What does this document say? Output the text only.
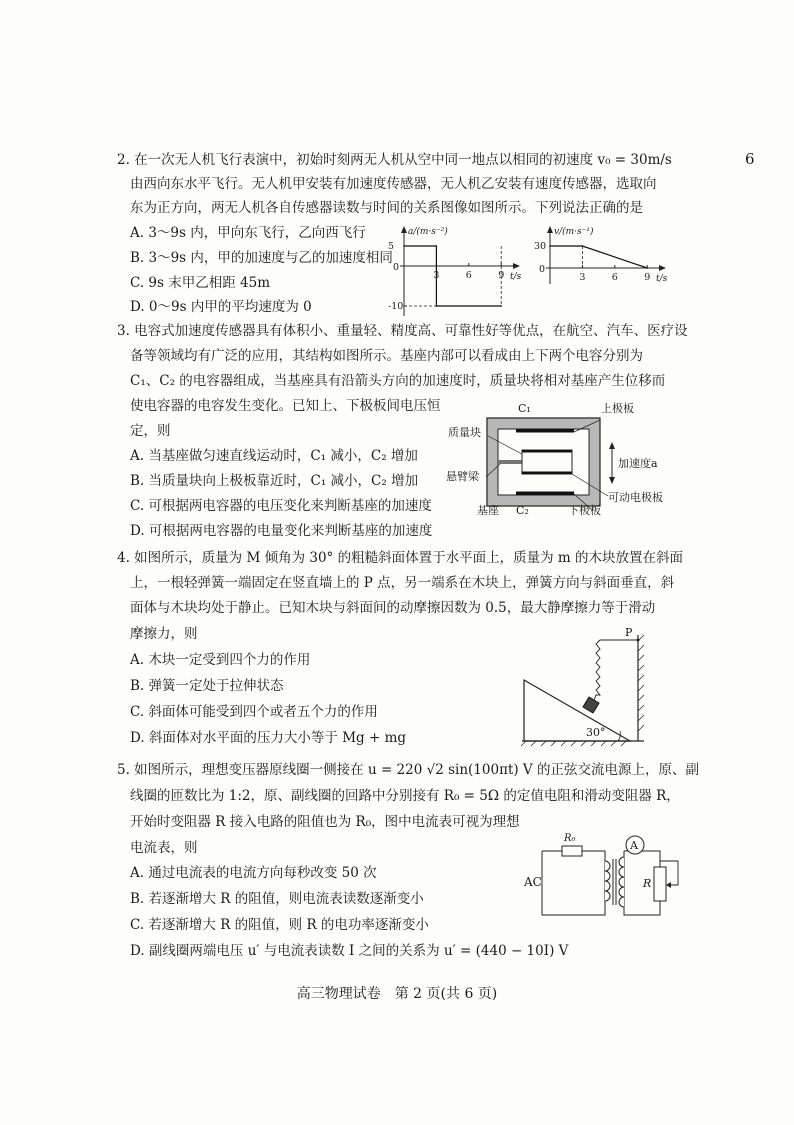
6
2. 在一次无人机飞行表演中，初始时刻两无人机从空中同一地点以相同的初速度 v₀ = 30m/s
由西向东水平飞行。无人机甲安装有加速度传感器，无人机乙安装有速度传感器，选取向
东为正方向，两无人机各自传感器读数与时间的关系图像如图所示。下列说法正确的是
A. 3～9s 内，甲向东飞行，乙向西飞行
B. 3～9s 内，甲的加速度与乙的加速度相同
C. 9s 末甲乙相距 45m
D. 0～9s 内甲的平均速度为 0
3	6	9
5
-10
0
a/(m·s⁻²)
t/s	3	6	9
30
0
v/(m·s⁻¹)
t/s
3. 电容式加速度传感器具有体积小、重量轻、精度高、可靠性好等优点，在航空、汽车、医疗设
备等领域均有广泛的应用，其结构如图所示。基座内部可以看成由上下两个电容分别为
C₁、C₂ 的电容器组成，当基座具有沿箭头方向的加速度时，质量块将相对基座产生位移而
使电容器的电容发生变化。已知上、下极板间电压恒
定，则
A. 当基座做匀速直线运动时，C₁ 减小，C₂ 增加
B. 当质量块向上极板靠近时，C₁ 减小，C₂ 增加
C. 可根据两电容器的电压变化来判断基座的加速度
D. 可根据两电容器的电量变化来判断基座的加速度
C₁	上极板
质量块
加速度a
悬臂梁
可动电极板
基座 C₂	下极板
4. 如图所示，质量为 M 倾角为 30° 的粗糙斜面体置于水平面上，质量为 m 的木块放置在斜面
上，一根轻弹簧一端固定在竖直墙上的 P 点，另一端系在木块上，弹簧方向与斜面垂直，斜
面体与木块均处于静止。已知木块与斜面间的动摩擦因数为 0.5，最大静摩擦力等于滑动
摩擦力，则
A. 木块一定受到四个力的作用
B. 弹簧一定处于拉伸状态
C. 斜面体可能受到四个或者五个力的作用
D. 斜面体对水平面的压力大小等于 Mg + mg
P
30°
5. 如图所示，理想变压器原线圈一侧接在 u = 220 √2 sin(100πt) V 的正弦交流电源上，原、副
线圈的匝数比为 1:2，原、副线圈的回路中分别接有 R₀ = 5Ω 的定值电阻和滑动变阻器 R，
开始时变阻器 R 接入电路的阻值也为 R₀，图中电流表可视为理想
电流表，则
A. 通过电流表的电流方向每秒改变 50 次
B. 若逐渐增大 R 的阻值，则电流表读数逐渐变小
C. 若逐渐增大 R 的阻值，则 R 的电功率逐渐变小
D. 副线圈两端电压 u′ 与电流表读数 I 之间的关系为 u′ = (440 − 10I) V
R₀
AC
A
R
高三物理试卷　第 2 页(共 6 页)
